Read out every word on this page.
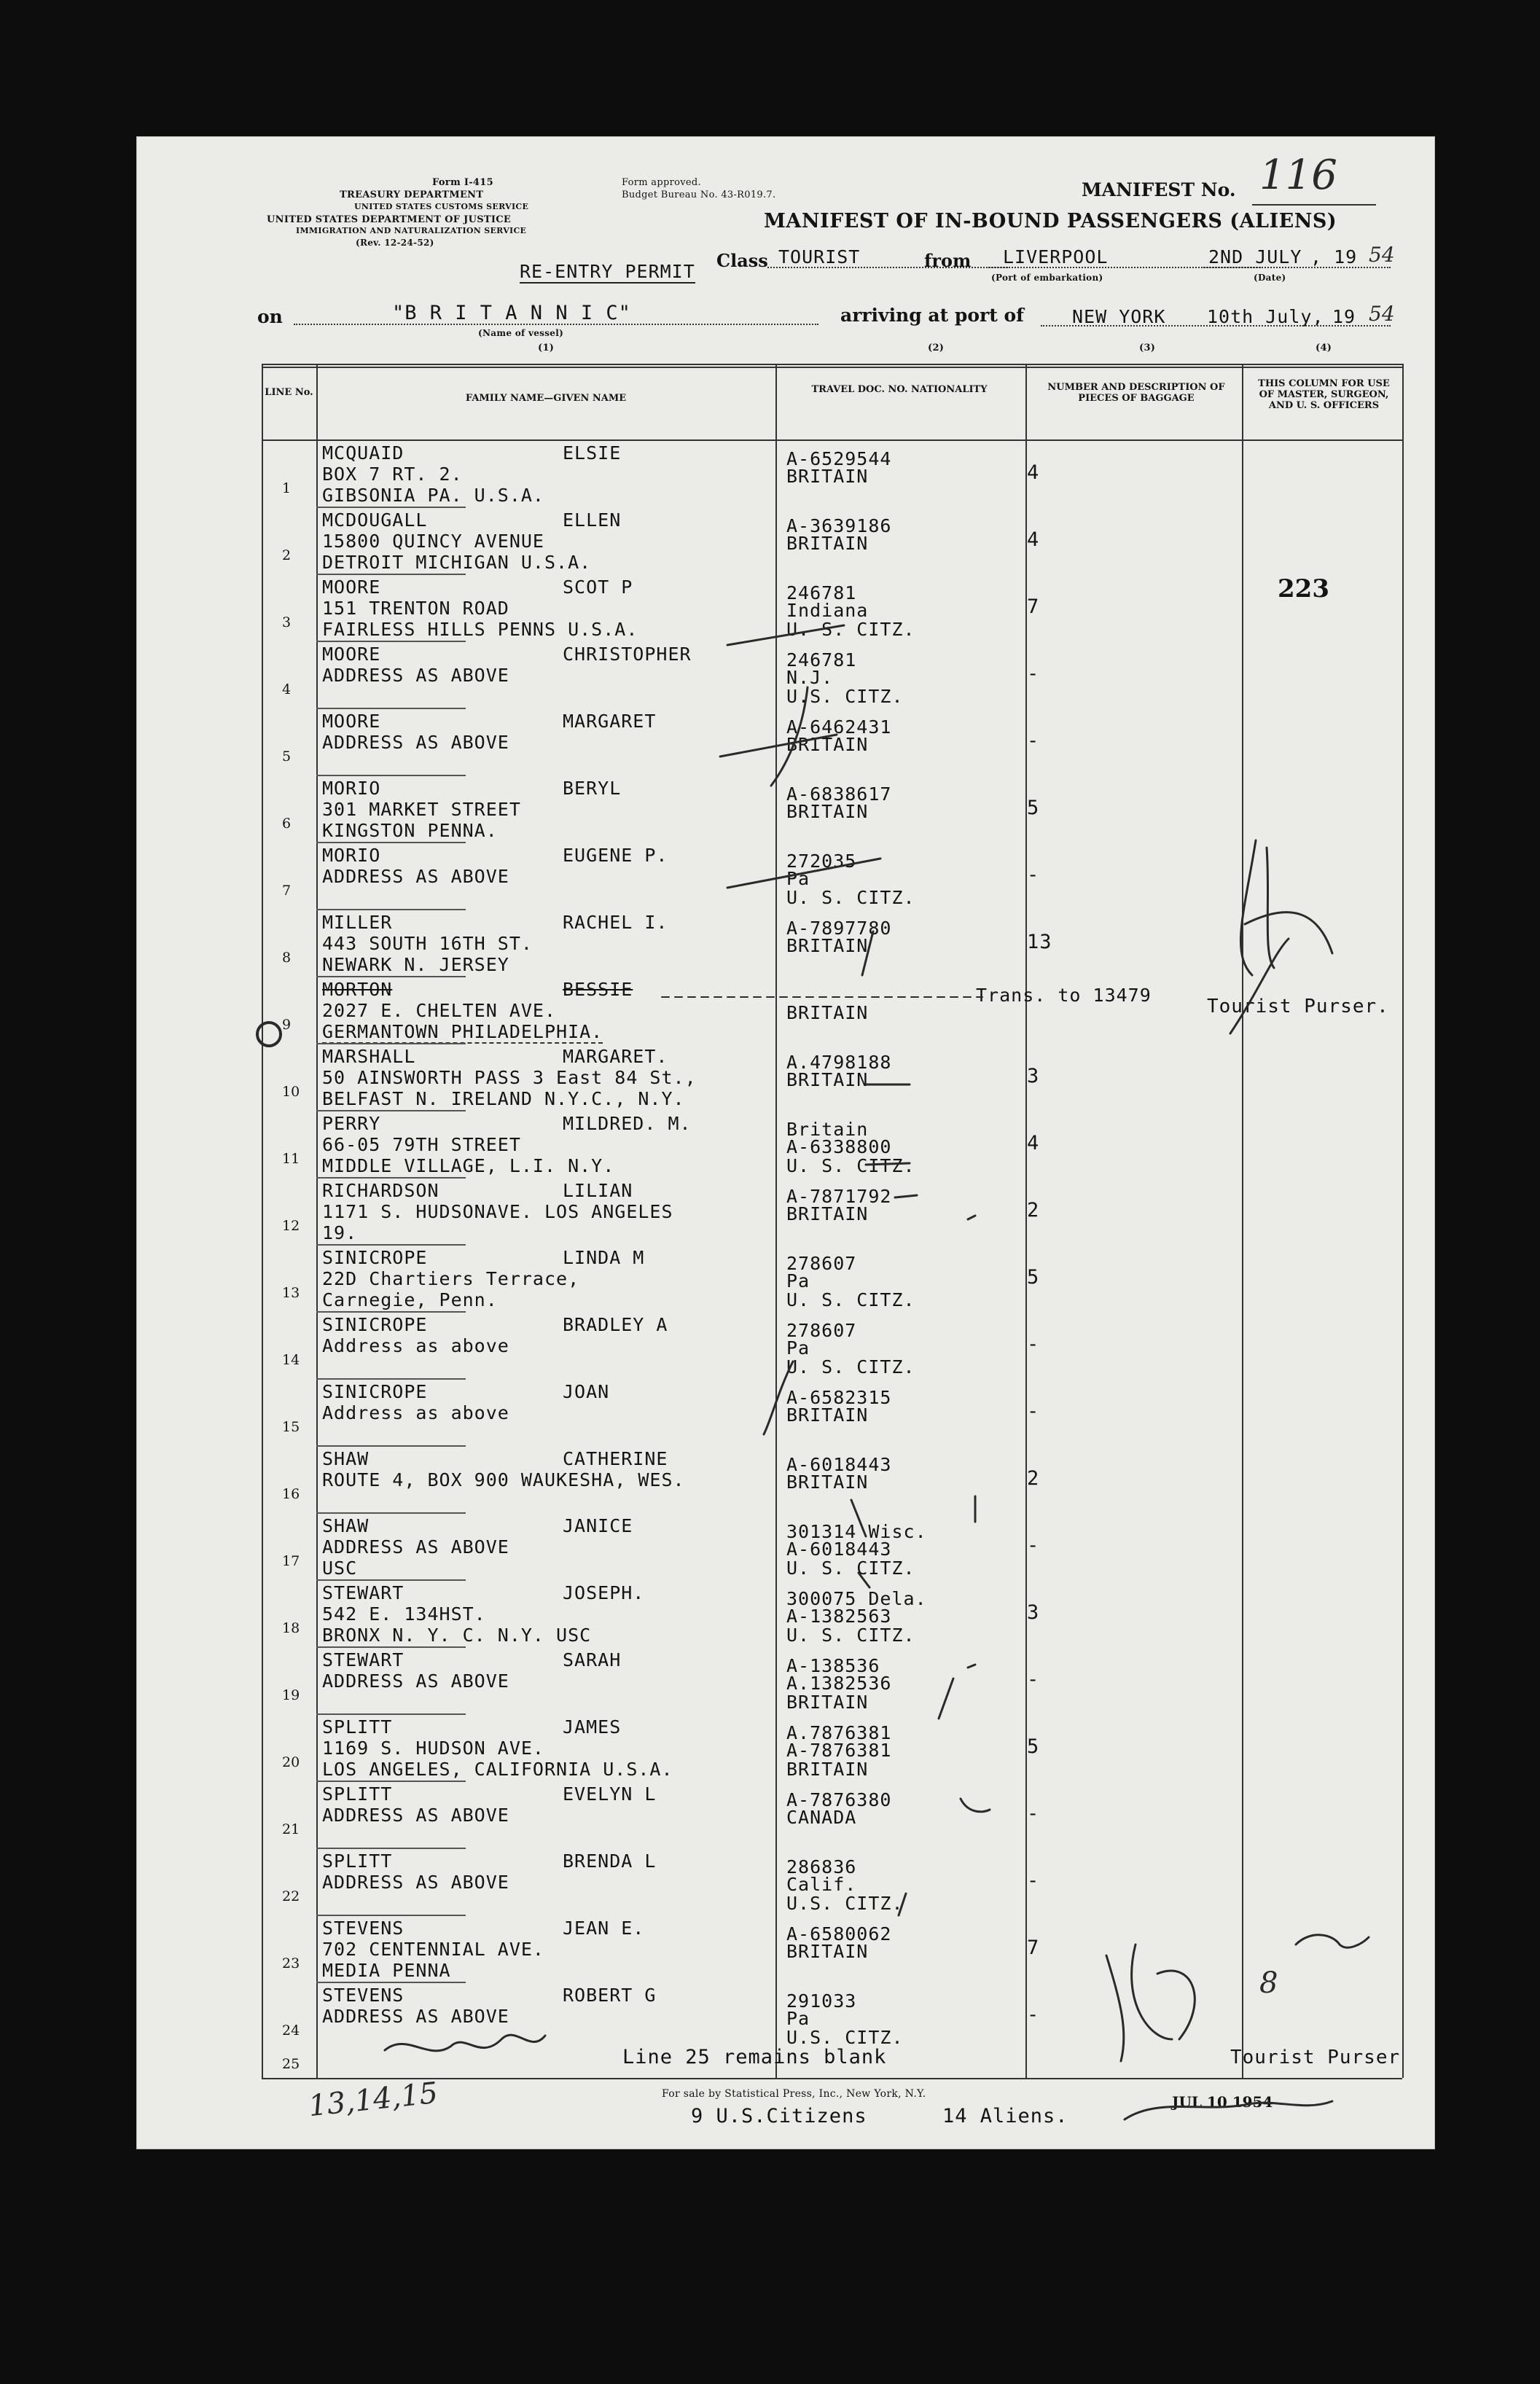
Form I-415
TREASURY DEPARTMENT
UNITED STATES CUSTOMS SERVICE
UNITED STATES DEPARTMENT OF JUSTICE
IMMIGRATION AND NATURALIZATION SERVICE
(Rev. 12-24-52)
Form approved.
Budget Bureau No. 43-R019.7.	MANIFEST No. 116
MANIFEST OF IN-BOUND PASSENGERS (ALIENS)
RE-ENTRY PERMIT
Class TOURIST	from LIVERPOOL
(Port of embarkation)
2ND JULY , 19 54
(Date)
on	"B R I T A N N I C"
(Name of vessel)
arriving at port of	NEW YORK 10th July, 19 54
(1)	(2)	(3)	(4)
LINE No.
FAMILY NAME—GIVEN NAME
TRAVEL DOC. NO. NATIONALITY	NUMBER AND DESCRIPTION OF PIECES OF BAGGAGE
THIS COLUMN FOR USE OF MASTER, SURGEON, AND U. S. OFFICERS
1
MCQUAID	ELSIE
BOX 7 RT. 2.
GIBSONIA PA. U.S.A.
A-6529544
BRITAIN	4
2
MCDOUGALL	ELLEN
15800 QUINCY AVENUE
DETROIT MICHIGAN U.S.A.
A-3639186
BRITAIN	4
3
MOORE	SCOT P
151 TRENTON ROAD
FAIRLESS HILLS PENNS U.S.A.
246781
Indiana
U. S. CITZ.
7
4
MOORE	CHRISTOPHER
ADDRESS AS ABOVE
246781
N.J.
U.S. CITZ.
-
5
MOORE	MARGARET
ADDRESS AS ABOVE
A-6462431
BRITAIN	-
6
MORIO	BERYL
301 MARKET STREET
KINGSTON PENNA.
A-6838617
BRITAIN	5
7
MORIO	EUGENE P.
ADDRESS AS ABOVE
272035
Pa
U. S. CITZ.
-
8
MILLER	RACHEL I.
443 SOUTH 16TH ST.
NEWARK N. JERSEY
A-7897780
BRITAIN	13
9
MORTON	BESSIE
2027 E. CHELTEN AVE.
GERMANTOWN PHILADELPHIA.
BRITAIN
Trans. to 13479
10
MARSHALL	MARGARET.
50 AINSWORTH PASS 3 East 84 St.,
BELFAST N. IRELAND N.Y.C., N.Y.
A.4798188
BRITAIN	3
11
PERRY	MILDRED. M.
66-05 79TH STREET
MIDDLE VILLAGE, L.I. N.Y.
Britain
A-6338800
U. S. CITZ.
4
12
RICHARDSON	LILIAN
1171 S. HUDSONAVE. LOS ANGELES
19.
A-7871792
BRITAIN	2
13
SINICROPE	LINDA M
22D Chartiers Terrace,
Carnegie, Penn.
278607
Pa
U. S. CITZ.
5
14
SINICROPE	BRADLEY A
Address as above
278607
Pa
U. S. CITZ.
-
15
SINICROPE	JOAN
Address as above
A-6582315
BRITAIN	-
16
SHAW	CATHERINE
ROUTE 4, BOX 900 WAUKESHA, WES.
A-6018443
BRITAIN	2
17
SHAW	JANICE
ADDRESS AS ABOVE
USC
301314 Wisc.
A-6018443
U. S. CITZ.
-
18
STEWART	JOSEPH.
542 E. 134HST.
BRONX N. Y. C. N.Y. USC
300075 Dela.
A-1382563
U. S. CITZ.
3
19
STEWART	SARAH
ADDRESS AS ABOVE
A-138536
A.1382536
BRITAIN
-
20
SPLITT	JAMES
1169 S. HUDSON AVE.
LOS ANGELES, CALIFORNIA U.S.A.
A.7876381
A-7876381
BRITAIN
5
21
SPLITT	EVELYN L
ADDRESS AS ABOVE
A-7876380
CANADA	-
22
SPLITT	BRENDA L
ADDRESS AS ABOVE
286836
Calif.
U.S. CITZ.
-
23
STEVENS	JEAN E.
702 CENTENNIAL AVE.
MEDIA PENNA
A-6580062
BRITAIN	7
24
STEVENS	ROBERT G
ADDRESS AS ABOVE
291033
Pa
U.S. CITZ.
-
25	Line 25 remains blank
223
Tourist Purser.
Tourist Purser
8
For sale by Statistical Press, Inc., New York, N.Y.
9 U.S.Citizens	14 Aliens.
JUL 10 1954
13,14,15
